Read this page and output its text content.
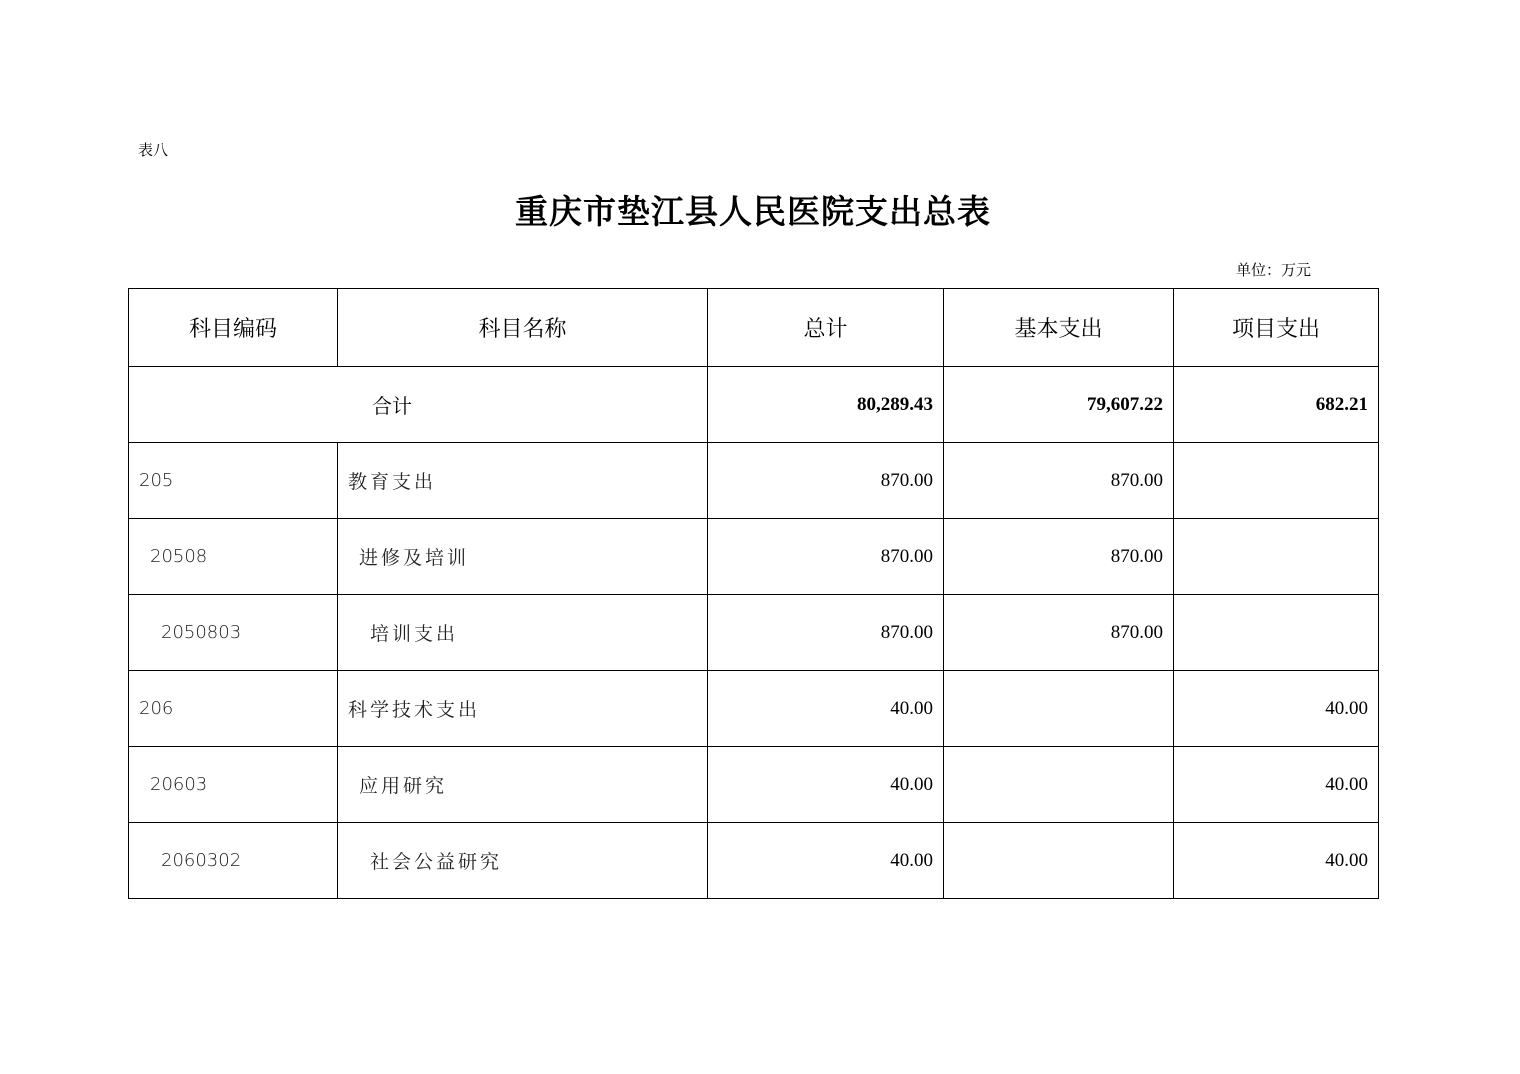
表八
重庆市垫江县人民医院支出总表
单位：万元
科目编码	科目名称	总计	基本支出	项目支出
合计		80,289.43	79,607.22	682.21
205	教育支出	870.00	870.00	
20508	进修及培训	870.00	870.00	
2050803	培训支出	870.00	870.00	
206	科学技术支出	40.00		40.00
20603	应用研究	40.00		40.00
2060302	社会公益研究	40.00		40.00
